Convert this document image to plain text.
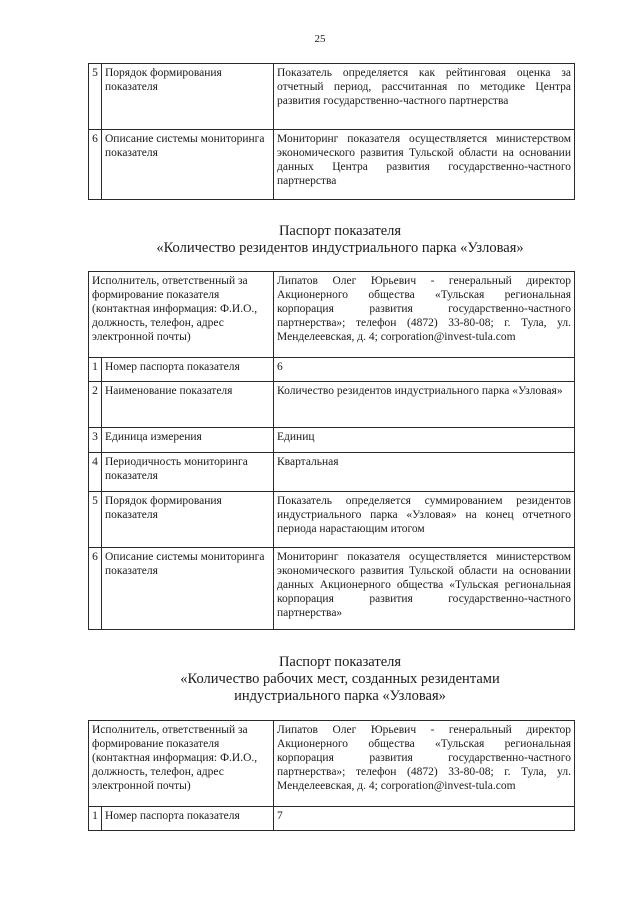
25
5	Порядок формирования показателя	Показатель определяется как рейтинговая оценка за отчетный период, рассчитанная по методике Центра развития государственно-частного партнерства
6	Описание системы мониторинга показателя	Мониторинг показателя осуществляется министерством экономического развития Тульской области на основании данных Центра развития государственно-частного партнерства
Паспорт показателя
«Количество резидентов индустриального парка «Узловая»
Исполнитель, ответственный за формирование показателя (контактная информация: Ф.И.О., должность, телефон, адрес электронной почты)		Липатов Олег Юрьевич - генеральный директор Акционерного общества «Тульская региональная корпорация развития государственно-частного партнерства»; телефон (4872) 33-80-08; г. Тула, ул. Менделеевская, д. 4; corporation@invest-tula.com
1	Номер паспорта показателя	6
2	Наименование показателя	Количество резидентов индустриального парка «Узловая»
3	Единица измерения	Единиц
4	Периодичность мониторинга показателя	Квартальная
5	Порядок формирования показателя	Показатель определяется суммированием резидентов индустриального парка «Узловая» на конец отчетного периода нарастающим итогом
6	Описание системы мониторинга показателя	Мониторинг показателя осуществляется министерством экономического развития Тульской области на основании данных Акционерного общества «Тульская региональная корпорация развития государственно-частного партнерства»
Паспорт показателя
«Количество рабочих мест, созданных резидентами
индустриального парка «Узловая»
Исполнитель, ответственный за формирование показателя (контактная информация: Ф.И.О., должность, телефон, адрес электронной почты)		Липатов Олег Юрьевич - генеральный директор Акционерного общества «Тульская региональная корпорация развития государственно-частного партнерства»; телефон (4872) 33-80-08; г. Тула, ул. Менделеевская, д. 4; corporation@invest-tula.com
1	Номер паспорта показателя	7
